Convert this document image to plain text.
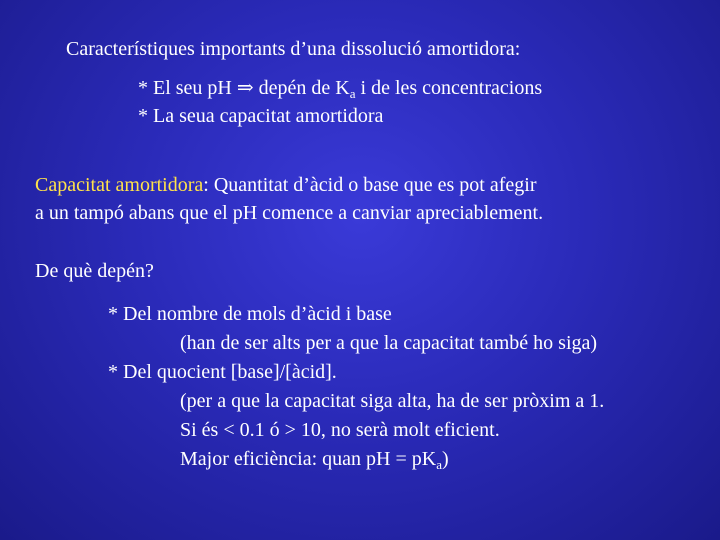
Característiques importants d’una dissolució amortidora:
* El seu pH ⇒ depén de $K_a$ i de les concentracions
* La seua capacitat amortidora
Capacitat amortidora: Quantitat d’àcid o base que es pot afegir
a un tampó abans que el pH comence a canviar apreciablement.
De què depén?
* Del nombre de mols d’àcid i base
(han de ser alts per a que la capacitat també ho siga)
* Del quocient [base]/[àcid].
(per a que la capacitat siga alta, ha de ser pròxim a 1.
Si és < 0.1 ó > 10, no serà molt eficient.
Major eficiència: quan pH = $pK_a$)
